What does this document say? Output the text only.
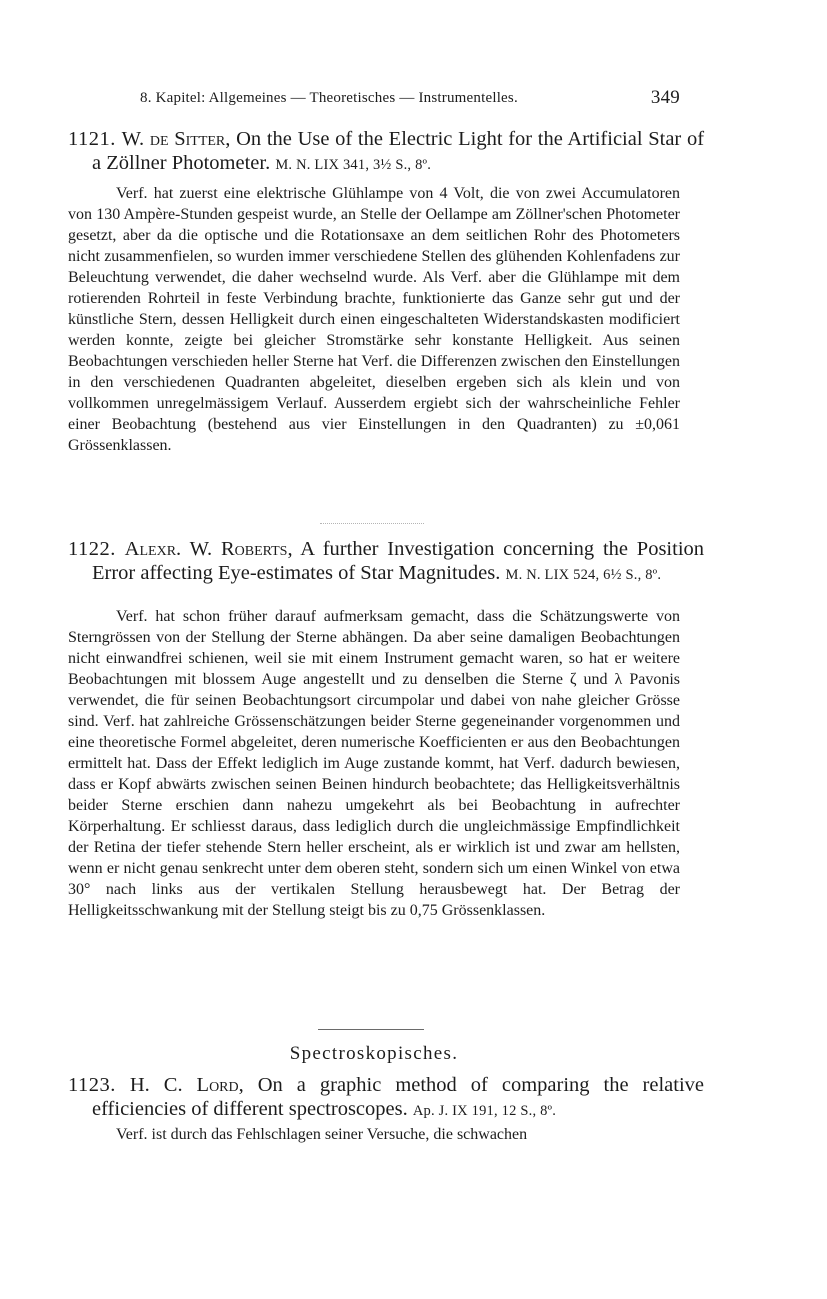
8. Kapitel: Allgemeines — Theoretisches — Instrumentelles.	349
1121. W. de Sitter, On the Use of the Electric Light for the Artificial Star of a Zöllner Photometer. M. N. LIX 341, 3½ S., 8º.
Verf. hat zuerst eine elektrische Glühlampe von 4 Volt, die von zwei Accumulatoren von 130 Ampère-Stunden gespeist wurde, an Stelle der Oellampe am Zöllner'schen Photometer gesetzt, aber da die optische und die Rotationsaxe an dem seitlichen Rohr des Photometers nicht zusammenfielen, so wurden immer verschiedene Stellen des glühenden Kohlenfadens zur Beleuchtung verwendet, die daher wechselnd wurde. Als Verf. aber die Glühlampe mit dem rotierenden Rohrteil in feste Verbindung brachte, funktionierte das Ganze sehr gut und der künstliche Stern, dessen Helligkeit durch einen eingeschalteten Widerstandskasten modificiert werden konnte, zeigte bei gleicher Stromstärke sehr konstante Helligkeit. Aus seinen Beobachtungen verschieden heller Sterne hat Verf. die Differenzen zwischen den Einstellungen in den verschiedenen Quadranten abgeleitet, dieselben ergeben sich als klein und von vollkommen unregelmässigem Verlauf. Ausserdem ergiebt sich der wahrscheinliche Fehler einer Beobachtung (bestehend aus vier Einstellungen in den Quadranten) zu ±0,061 Grössenklassen.
1122. Alexr. W. Roberts, A further Investigation concerning the Position Error affecting Eye-estimates of Star Magnitudes. M. N. LIX 524, 6½ S., 8º.
Verf. hat schon früher darauf aufmerksam gemacht, dass die Schätzungswerte von Sterngrössen von der Stellung der Sterne abhängen. Da aber seine damaligen Beobachtungen nicht einwandfrei schienen, weil sie mit einem Instrument gemacht waren, so hat er weitere Beobachtungen mit blossem Auge angestellt und zu denselben die Sterne ζ und λ Pavonis verwendet, die für seinen Beobachtungsort circumpolar und dabei von nahe gleicher Grösse sind. Verf. hat zahlreiche Grössenschätzungen beider Sterne gegeneinander vorgenommen und eine theoretische Formel abgeleitet, deren numerische Koefficienten er aus den Beobachtungen ermittelt hat. Dass der Effekt lediglich im Auge zustande kommt, hat Verf. dadurch bewiesen, dass er Kopf abwärts zwischen seinen Beinen hindurch beobachtete; das Helligkeitsverhältnis beider Sterne erschien dann nahezu umgekehrt als bei Beobachtung in aufrechter Körperhaltung. Er schliesst daraus, dass lediglich durch die ungleichmässige Empfindlichkeit der Retina der tiefer stehende Stern heller erscheint, als er wirklich ist und zwar am hellsten, wenn er nicht genau senkrecht unter dem oberen steht, sondern sich um einen Winkel von etwa 30° nach links aus der vertikalen Stellung herausbewegt hat. Der Betrag der Helligkeitsschwankung mit der Stellung steigt bis zu 0,75 Grössenklassen.
Spectroskopisches.
1123. H. C. Lord, On a graphic method of comparing the relative efficiencies of different spectroscopes. Ap. J. IX 191, 12 S., 8º.
Verf. ist durch das Fehlschlagen seiner Versuche, die schwachen
